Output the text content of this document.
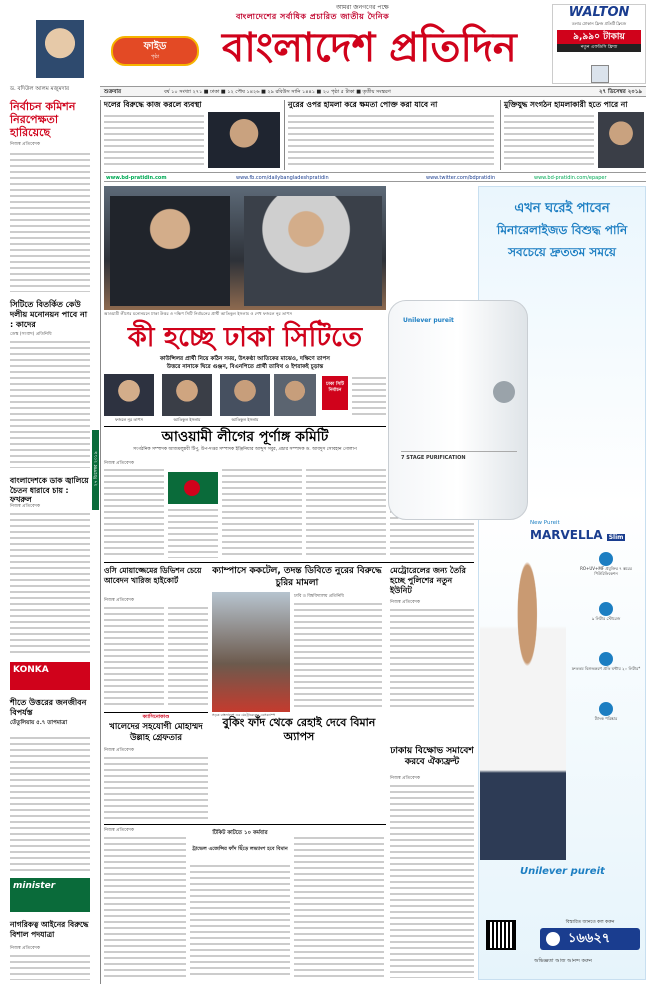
ফাইড
পৃষ্ঠা
আমরা জনগণের পক্ষে
বাংলাদেশের সর্বাধিক প্রচারিত জাতীয় দৈনিক
বাংলাদেশ প্রতিদিন
WALTON
ডলার ঢোকান ফ্রিজ প্রতিটি ফ্রিজে
৯,৯৯০ টাকায়
নতুন এফডিসি ফ্রিজ
শুক্রবার	বর্ষ ১০ সংখ্যা ২৭১ ■ ঢাকা ■ ১২ পৌষ ১৪২৬ ■ ২৯ রবিউস সানি ১৪৪১ ■ ২০ পৃষ্ঠা ৫ টাকা ■ তৃতীয় সংস্করণ	২৭ ডিসেম্বর ২০১৯
ড. বদিউল আলম মজুমদার
নির্বাচন কমিশন নিরপেক্ষতা হারিয়েছে
নিজস্ব প্রতিবেদক
সিটিতে বিতর্কিত কেউ দলীয় মনোনয়ন পাবে না : কাদের
ডেস্ক (সংবাদ) প্রতিনিধি
বাংলাদেশকে ডাক জ্বালিয়ে চৈতন ধারাবে চায় : ফখরুল
নিজস্ব প্রতিবেদক
KONKA
শীতে উত্তরের জনজীবন বিপর্যস্ত
তেঁতুলিয়ায় ৫.৭ তাপমাত্রা
minister
নাগরিকত্ব আইনের বিরুদ্ধে বিশাল পদযাত্রা
নিজস্ব প্রতিবেদক
২৭ ডিসেম্বর ২০১৯
দলের বিরুদ্ধে কাজ করলে ব্যবস্থা	নুরের ওপর হামলা করে ক্ষমতা পোক্ত করা যাবে না	মুক্তিযুদ্ধ সংগঠন হামলাকারী হতে পারে না
www.bd-pratidin.com	www.fb.com/dailybangladeshpratidin	www.twitter.com/bdpratidin	www.bd-pratidin.com/epaper
আওয়ামী লীগের মনোনয়নে ঢাকা উত্তর ও দক্ষিণ সিটি নির্বাচনের প্রার্থী আতিকুল ইসলাম ও শেখ ফজলে নূর তাপস
কী হচ্ছে ঢাকা সিটিতে
কাউন্সিলর প্রার্থী নিয়ে কঠিন সময়, উৎকণ্ঠা আতিকের মাঝেও, দক্ষিণে তাপস
উত্তরে নানাকে ঘিরে গুঞ্জন, বিএনপিতে প্রার্থী তাবিথ ও ইশরাকই চূড়ান্ত
ফজলে নূর তাপস	আতিকুল ইসলাম	আতিকুল ইসলাম
ঢাকা সিটি নির্বাচন
আওয়ামী লীগের পূর্ণাঙ্গ কমিটি
সংগঠনিক সম্পাদক আজমলুন্নবী টিপু, উপ-দপ্তর সম্পাদক ইঞ্জিনিয়ার আব্দুস সবুর, প্রচার সম্পাদক ড. আবদুস সোবহান গোলাপ
নিজস্ব প্রতিবেদক
ওসি মোয়াজ্জেমের ডিভিশন চেয়ে আবেদন খারিজ হাইকোর্ট
নিজস্ব প্রতিবেদক
ক্যাম্পাসে ককটেল, তদন্ত ডিবিতে নুরের বিরুদ্ধে চুরির মামলা
সড়ক বাংলাদেশ এর মেট্রোরেলের বেসক্যাম্প
ঢাবি ও বিশ্ববিদ্যালয় প্রতিনিধি
মেট্রোরেলের জন্য তৈরি হচ্ছে পুলিশের নতুন ইউনিট
নিজস্ব প্রতিবেদক
ক্যাসিনোকাণ্ড
খালেদের সহযোগী মোহাম্মদ উল্লাহ গ্রেফতার
নিজস্ব প্রতিবেদক
বুকিং ফাঁদ থেকে রেহাই দেবে বিমান অ্যাপস
নিজস্ব প্রতিবেদক	টিকিট কাটতে ১০ কর্মবার
ট্রাভেল এজেন্সির ফাঁদ ছিঁড়ে লভ্যাংশ হবে বিমান
ঢাকায় বিক্ষোভ সমাবেশ করবে ঐক্যফ্রন্ট
নিজস্ব প্রতিবেদক
এখন ঘরেই পাবেন
মিনারেলাইজড বিশুদ্ধ পানি
সবচেয়ে দ্রুততম সময়ে
Unilever pureit
7 STAGE PURIFICATION
New Pureit
MARVELLA Slim
RO+UV+MF প্রযুক্তির ৭ স্তরের পিউরিফিকেশন
৯ লিটার স্টোরেজ
দ্রুততম বিশুদ্ধকরণ প্রতি ঘন্টায় ২০ লিটার*
ট্যাংক পরিষ্কার
Unilever pureit
বিস্তারিত জানতে কল করুন
১৬৬২৭
অভিজ্ঞতা আজ আনন্দ করুন
